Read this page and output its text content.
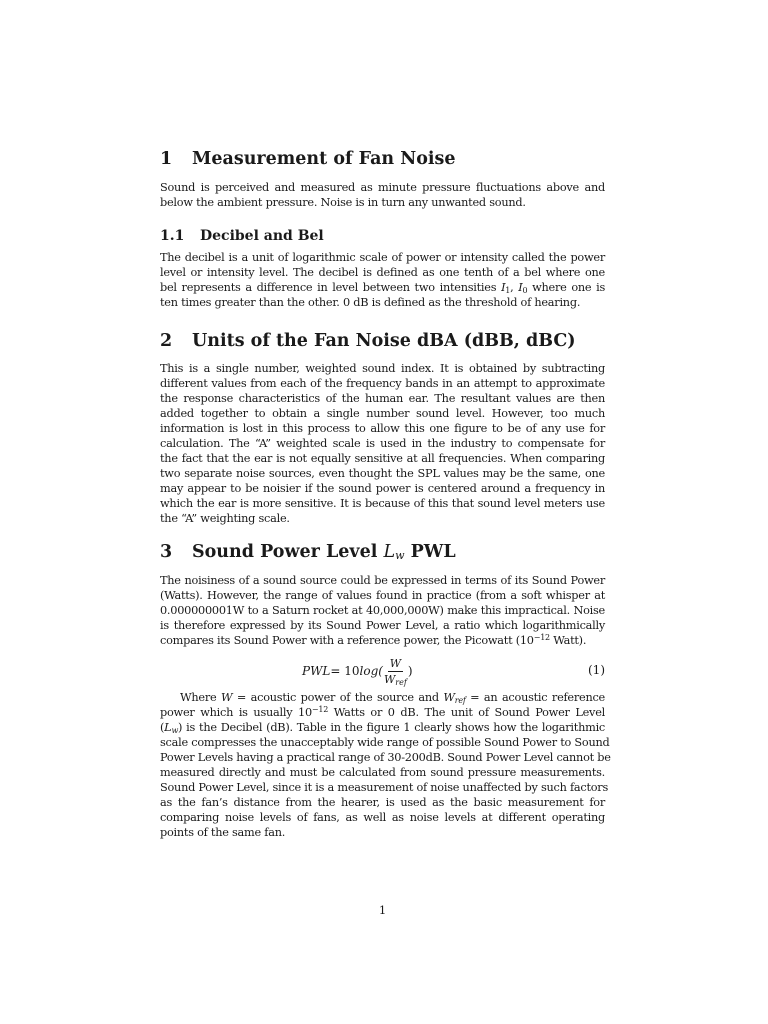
1 Measurement of Fan Noise

Sound is perceived and measured as minute pressure fluctuations above and
below the ambient pressure. Noise is in turn any unwanted sound.

1.1 Decibel and Bel

The decibel is a unit of logarithmic scale of power or intensity called the power
level or intensity level. The decibel is defined as one tenth of a bel where one
bel represents a difference in level between two intensities $I_1$, $I_0$ where one is
ten times greater than the other. 0 dB is defined as the threshold of hearing.

2 Units of the Fan Noise dBA (dBB, dBC)

This is a single number, weighted sound index. It is obtained by subtracting
different values from each of the frequency bands in an attempt to approximate
the response characteristics of the human ear. The resultant values are then
added together to obtain a single number sound level. However, too much
information is lost in this process to allow this one figure to be of any use for
calculation. The “A” weighted scale is used in the industry to compensate for
the fact that the ear is not equally sensitive at all frequencies. When comparing
two separate noise sources, even thought the SPL values may be the same, one
may appear to be noisier if the sound power is centered around a frequency in
which the ear is more sensitive. It is because of this that sound level meters use
the “A” weighting scale.

3 Sound Power Level $L_w$ PWL

The noisiness of a sound source could be expressed in terms of its Sound Power
(Watts). However, the range of values found in practice (from a soft whisper at
0.000000001W to a Saturn rocket at 40,000,000W) make this impractical. Noise
is therefore expressed by its Sound Power Level, a ratio which logarithmically
compares its Sound Power with a reference power, the Picowatt ($10^{-12}$ Watt).

PWL = 10 $\log( \frac{W}{W_{ref}}$ )	(1)

Where W = acoustic power of the source and $W_{ref}$ = an acoustic reference
power which is usually $10^{-12}$ Watts or 0 dB. The unit of Sound Power Level
$(L_w)$ is the Decibel (dB). Table in the figure 1 clearly shows how the logarithmic
scale compresses the unacceptably wide range of possible Sound Power to Sound
Power Levels having a practical range of 30-200dB. Sound Power Level cannot be
measured directly and must be calculated from sound pressure measurements.
Sound Power Level, since it is a measurement of noise unaffected by such factors
as the fan’s distance from the hearer, is used as the basic measurement for
comparing noise levels of fans, as well as noise levels at different operating
points of the same fan.

1
